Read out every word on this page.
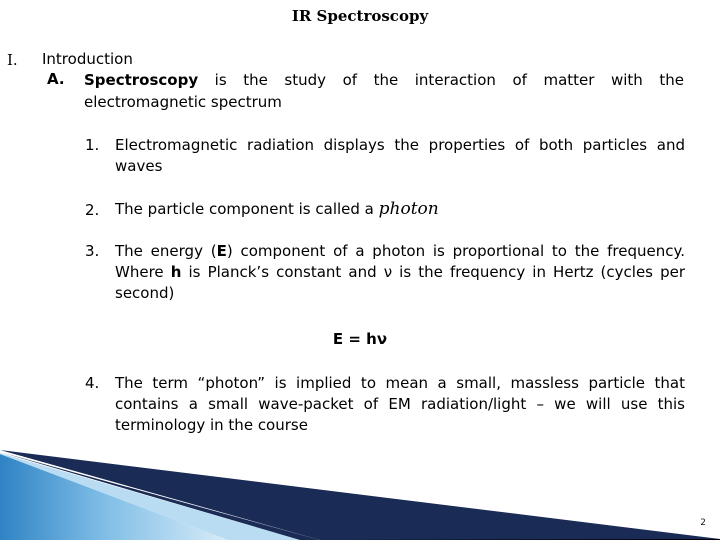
IR Spectroscopy
I. Introduction
A. Spectroscopy is the study of the interaction of matter with the
electromagnetic spectrum
1. Electromagnetic radiation displays the properties of both particles and
waves
2. The particle component is called a photon
3. The energy (E) component of a photon is proportional to the frequency.
Where h is Planck’s constant and ν is the frequency in Hertz (cycles per
second)
E = hν
4. The term “photon” is implied to mean a small, massless particle that
contains a small wave-packet of EM radiation/light – we will use this
terminology in the course
2
